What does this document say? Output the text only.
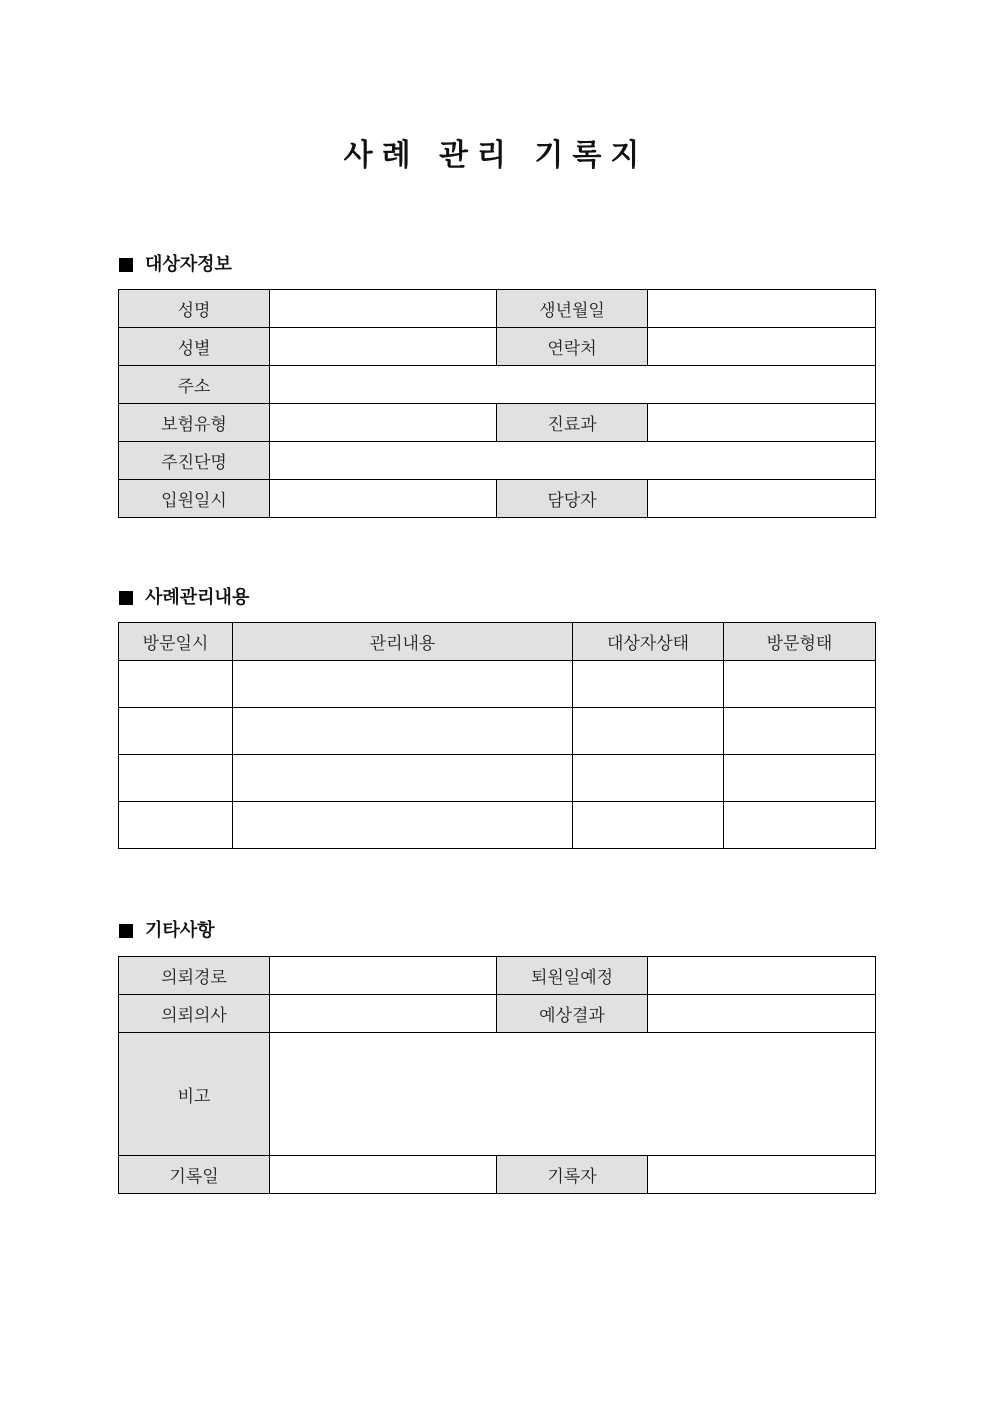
사례 관리 기록지
대상자정보
성명		생년월일	
성별		연락처	
주소			
보험유형		진료과	
주진단명			
입원일시		담당자	
사례관리내용
방문일시	관리내용	대상자상태	방문형태

기타사항
의뢰경로		퇴원일예정	
의뢰의사		예상결과	
비고			
기록일		기록자	
